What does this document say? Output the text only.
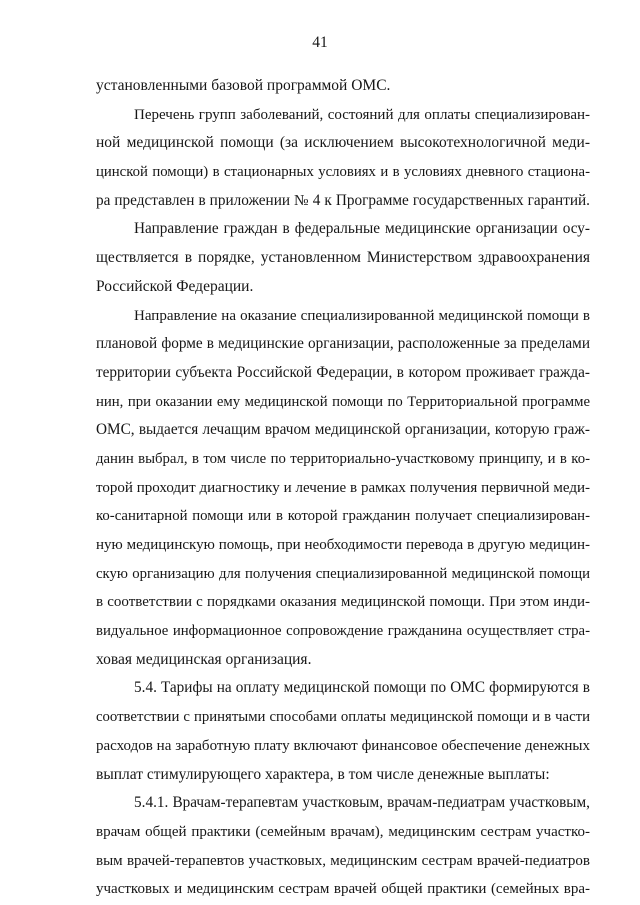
41
установленными базовой программой ОМС.
Перечень групп заболеваний, состояний для оплаты специализирован-
ной медицинской помощи (за исключением высокотехнологичной меди-
цинской помощи) в стационарных условиях и в условиях дневного стациона-
ра представлен в приложении № 4 к Программе государственных гарантий.
Направление граждан в федеральные медицинские организации осу-
ществляется в порядке, установленном Министерством здравоохранения
Российской Федерации.
Направление на оказание специализированной медицинской помощи в
плановой форме в медицинские организации, расположенные за пределами
территории субъекта Российской Федерации, в котором проживает гражда-
нин, при оказании ему медицинской помощи по Территориальной программе
ОМС, выдается лечащим врачом медицинской организации, которую граж-
данин выбрал, в том числе по территориально-участковому принципу, и в ко-
торой проходит диагностику и лечение в рамках получения первичной меди-
ко-санитарной помощи или в которой гражданин получает специализирован-
ную медицинскую помощь, при необходимости перевода в другую медицин-
скую организацию для получения специализированной медицинской помощи
в соответствии с порядками оказания медицинской помощи. При этом инди-
видуальное информационное сопровождение гражданина осуществляет стра-
ховая медицинская организация.
5.4. Тарифы на оплату медицинской помощи по ОМС формируются в
соответствии с принятыми способами оплаты медицинской помощи и в части
расходов на заработную плату включают финансовое обеспечение денежных
выплат стимулирующего характера, в том числе денежные выплаты:
5.4.1. Врачам-терапевтам участковым, врачам-педиатрам участковым,
врачам общей практики (семейным врачам), медицинским сестрам участко-
вым врачей-терапевтов участковых, медицинским сестрам врачей-педиатров
участковых и медицинским сестрам врачей общей практики (семейных вра-
